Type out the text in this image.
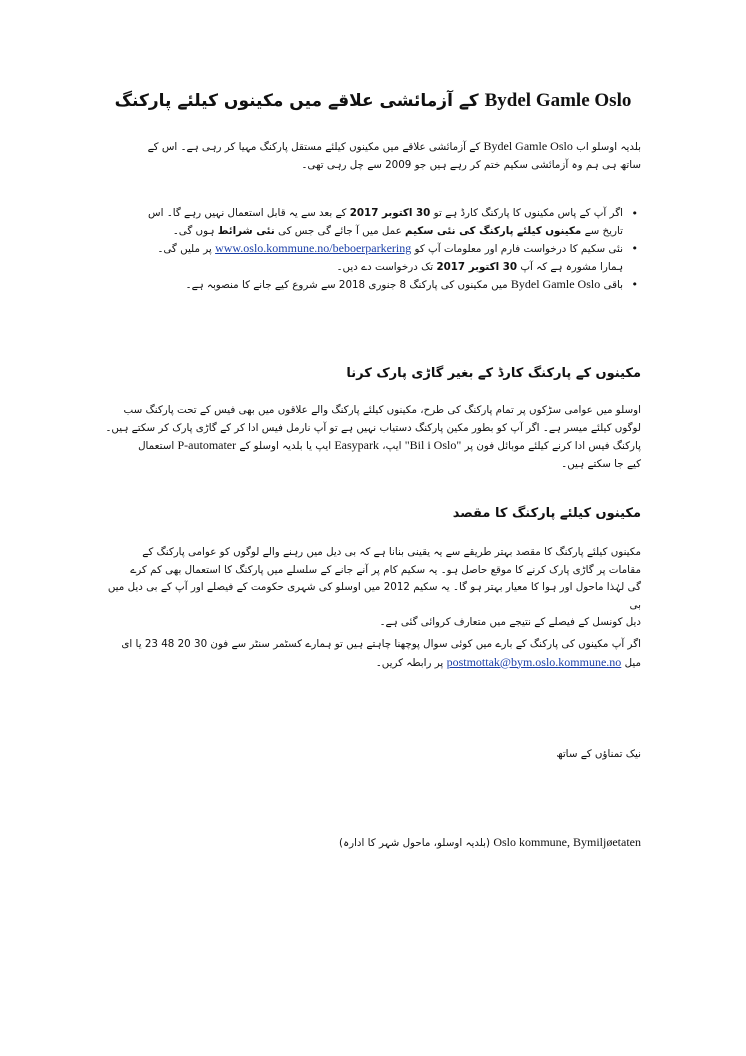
Bydel Gamle Oslo کے آزمائشی علاقے میں مکینوں کیلئے پارکنگ
بلدیہ اوسلو اب Bydel Gamle Oslo کے آزمائشی علاقے میں مکینوں کیلئے مستقل پارکنگ مہیا کر رہی ہے۔ اس کے
ساتھ ہی ہم وہ آزمائشی سکیم ختم کر رہے ہیں جو 2009 سے چل رہی تھی۔
• اگر آپ کے پاس مکینوں کا پارکنگ کارڈ ہے تو 30 اکتوبر 2017 کے بعد سے یہ قابل استعمال نہیں رہے گا۔ اس
تاریخ سے مکینوں کیلئے پارکنگ کی نئی سکیم عمل میں آ جائے گی جس کی نئی شرائط ہوں گی۔
• نئی سکیم کا درخواست فارم اور معلومات آپ کو www.oslo.kommune.no/beboerparkering پر ملیں گی۔
ہمارا مشورہ ہے کہ آپ 30 اکتوبر 2017 تک درخواست دے دیں۔
• باقی Bydel Gamle Oslo میں مکینوں کی پارکنگ 8 جنوری 2018 سے شروع کیے جانے کا منصوبہ ہے۔
مکینوں کے پارکنگ کارڈ کے بغیر گاڑی پارک کرنا
اوسلو میں عوامی سڑکوں پر تمام پارکنگ کی طرح، مکینوں کیلئے پارکنگ والے علاقوں میں بھی فیس کے تحت پارکنگ سب
لوگوں کیلئے میسر ہے۔ اگر آپ کو بطور مکین پارکنگ دستیاب نہیں ہے تو آپ نارمل فیس ادا کر کے گاڑی پارک کر سکتے ہیں۔
پارکنگ فیس ادا کرنے کیلئے موبائل فون پر "Bil i Oslo" ایپ، Easypark ایپ یا بلدیہ اوسلو کے P-automater استعمال
کیے جا سکتے ہیں۔
مکینوں کیلئے پارکنگ کا مقصد
مکینوں کیلئے پارکنگ کا مقصد بہتر طریقے سے یہ یقینی بنانا ہے کہ بی دیل میں رہنے والے لوگوں کو عوامی پارکنگ کے
مقامات پر گاڑی پارک کرنے کا موقع حاصل ہو۔ یہ سکیم کام پر آنے جانے کے سلسلے میں پارکنگ کا استعمال بھی کم کرے
گی لہٰذا ماحول اور ہوا کا معیار بہتر ہو گا۔ یہ سکیم 2012 میں اوسلو کی شہری حکومت کے فیصلے اور آپ کے بی دیل میں بی
دیل کونسل کے فیصلے کے نتیجے میں متعارف کروائی گئی ہے۔
اگر آپ مکینوں کی پارکنگ کے بارے میں کوئی سوال پوچھنا چاہتے ہیں تو ہمارے کسٹمر سنٹر سے فون 30 20 48 23 یا ای
میل postmottak@bym.oslo.kommune.no پر رابطہ کریں۔
نیک تمناؤں کے ساتھ
Oslo kommune, Bymiljøetaten (بلدیہ اوسلو، ماحول شہر کا ادارہ)
